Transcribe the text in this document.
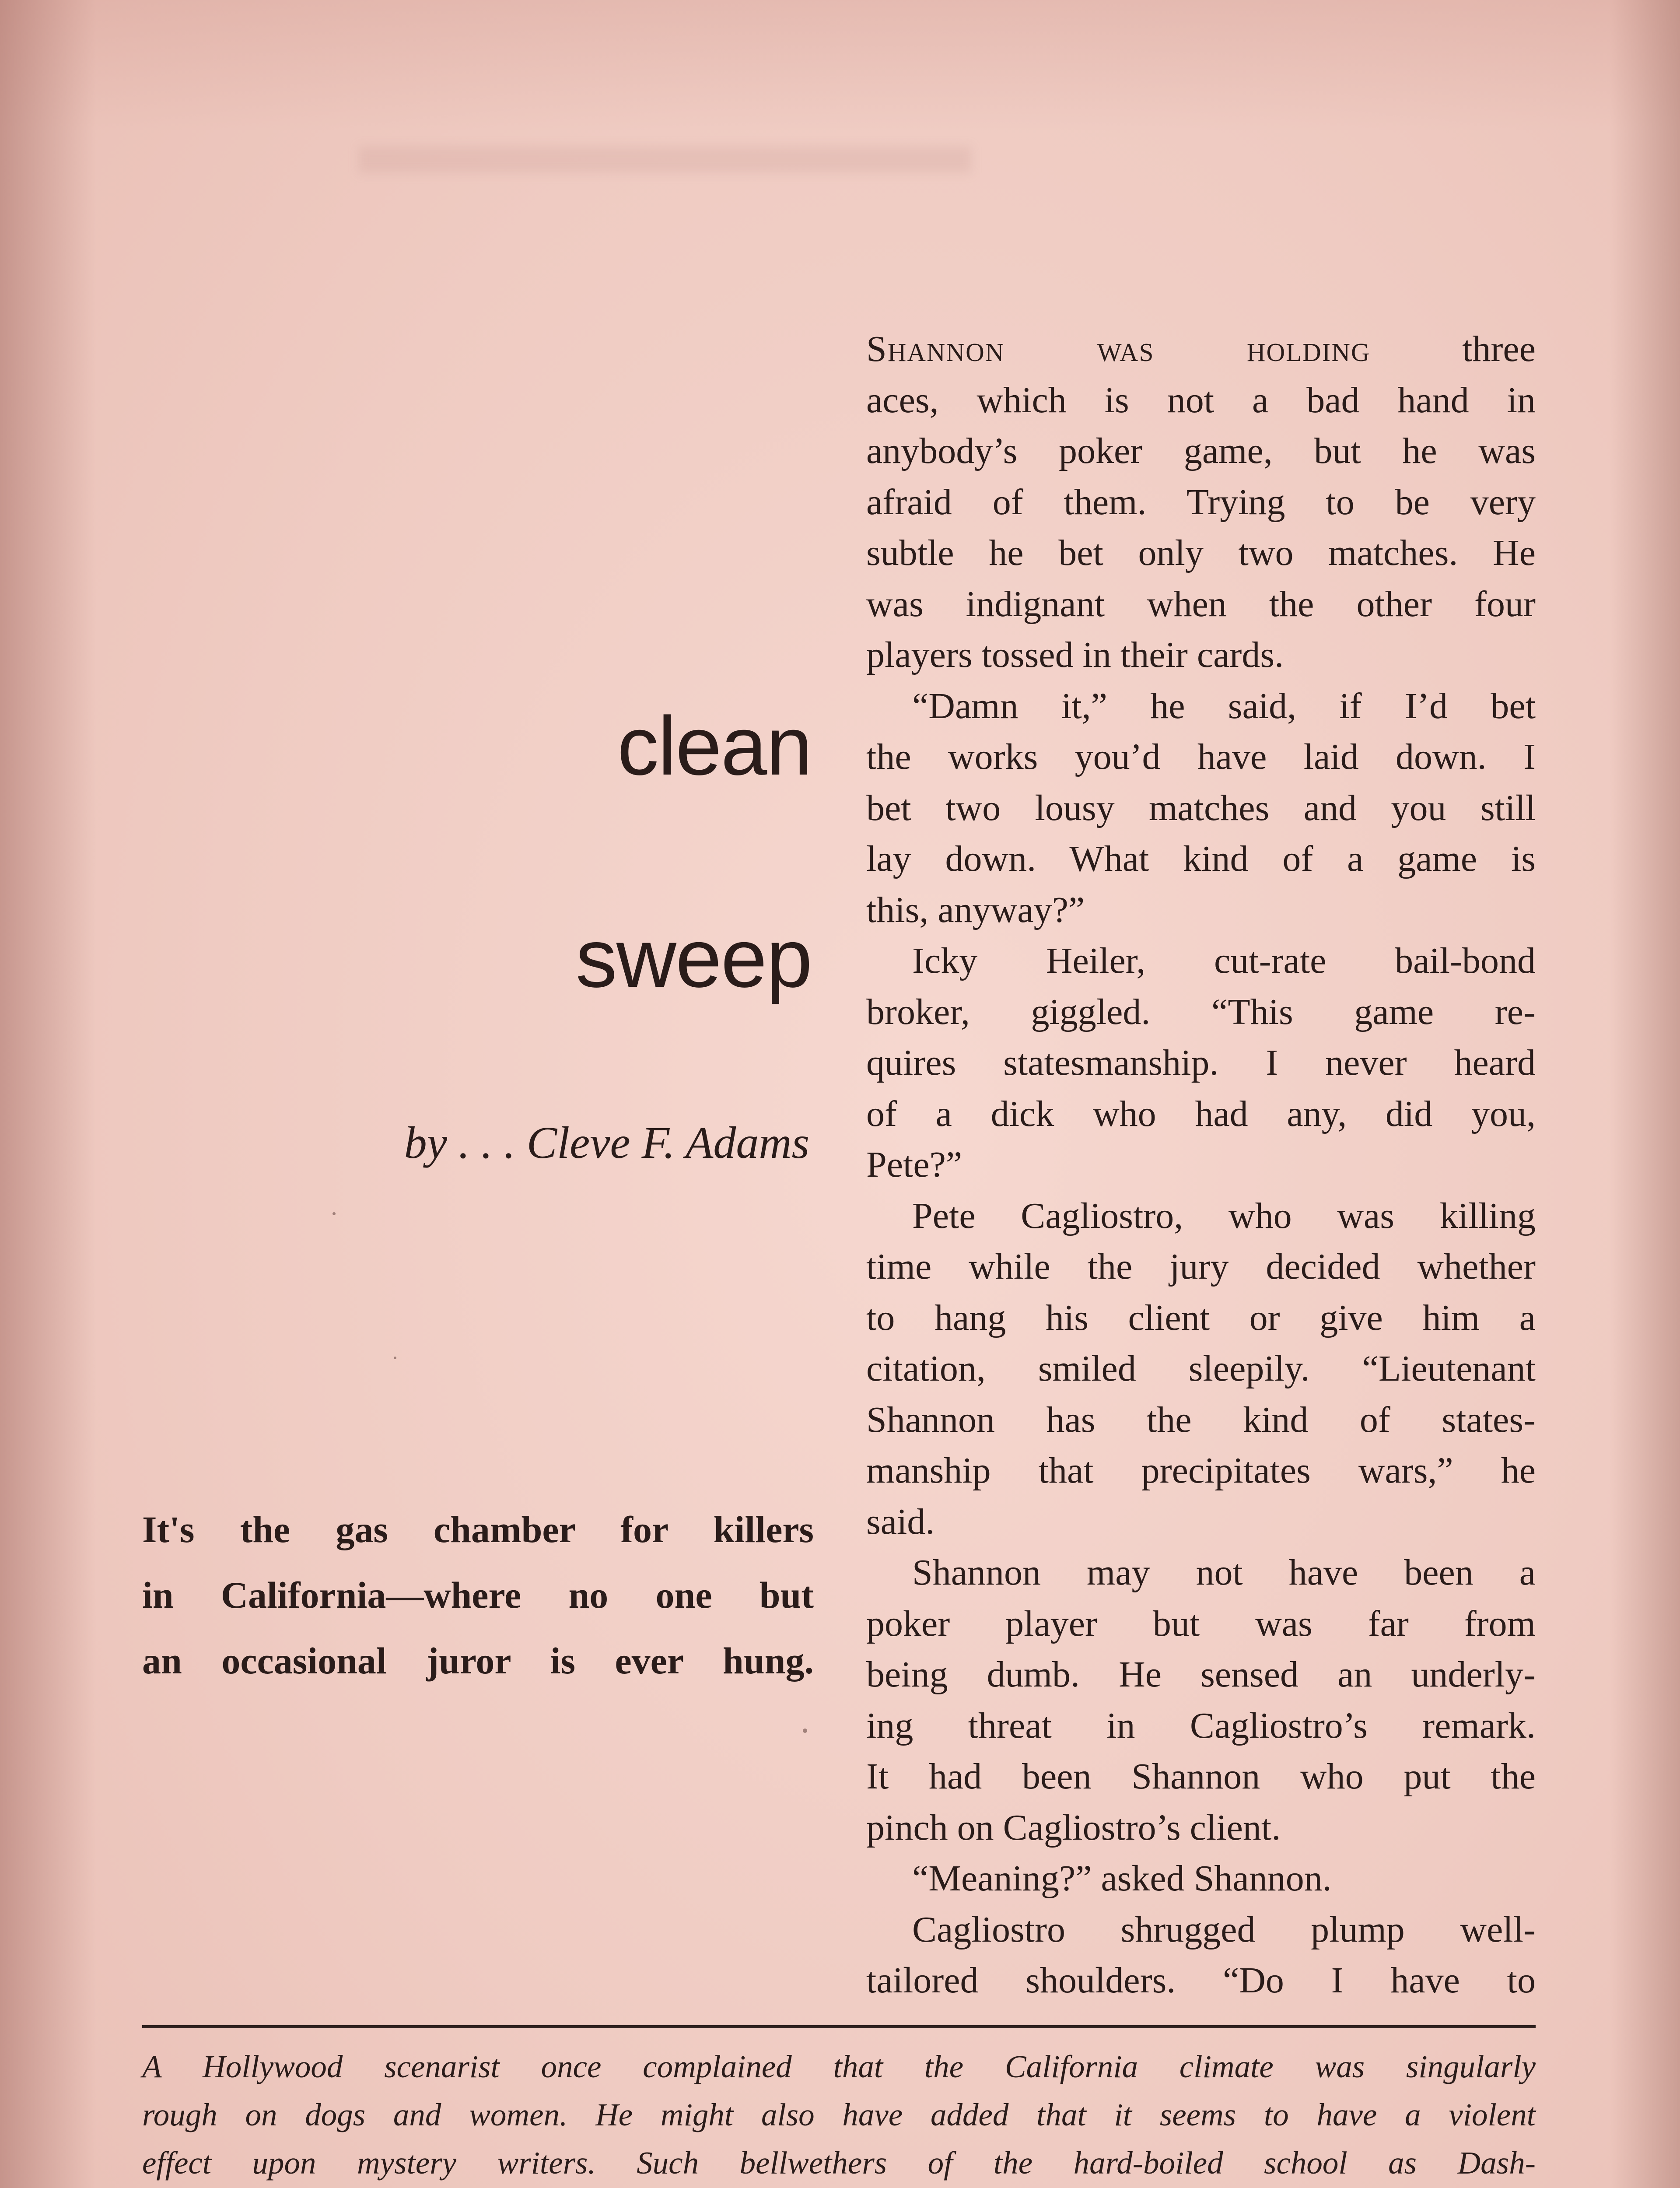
clean
sweep
by . . . Cleve F. Adams
It's the gas chamber for killers
in California—where no one but
an occasional juror is ever hung.
Shannon was holding three
aces, which is not a bad hand in
anybody’s poker game, but he was
afraid of them. Trying to be very
subtle he bet only two matches. He
was indignant when the other four
players tossed in their cards.
“Damn it,” he said, if I’d bet
the works you’d have laid down. I
bet two lousy matches and you still
lay down. What kind of a game is
this, anyway?”
Icky Heiler, cut-rate bail-bond
broker, giggled. “This game re-
quires statesmanship. I never heard
of a dick who had any, did you,
Pete?”
Pete Cagliostro, who was killing
time while the jury decided whether
to hang his client or give him a
citation, smiled sleepily. “Lieutenant
Shannon has the kind of states-
manship that precipitates wars,” he
said.
Shannon may not have been a
poker player but was far from
being dumb. He sensed an underly-
ing threat in Cagliostro’s remark.
It had been Shannon who put the
pinch on Cagliostro’s client.
“Meaning?” asked Shannon.
Cagliostro shrugged plump well-
tailored shoulders. “Do I have to
A Hollywood scenarist once complained that the California climate was singularly
rough on dogs and women. He might also have added that it seems to have a violent
effect upon mystery writers. Such bellwethers of the hard-boiled school as Dash-
